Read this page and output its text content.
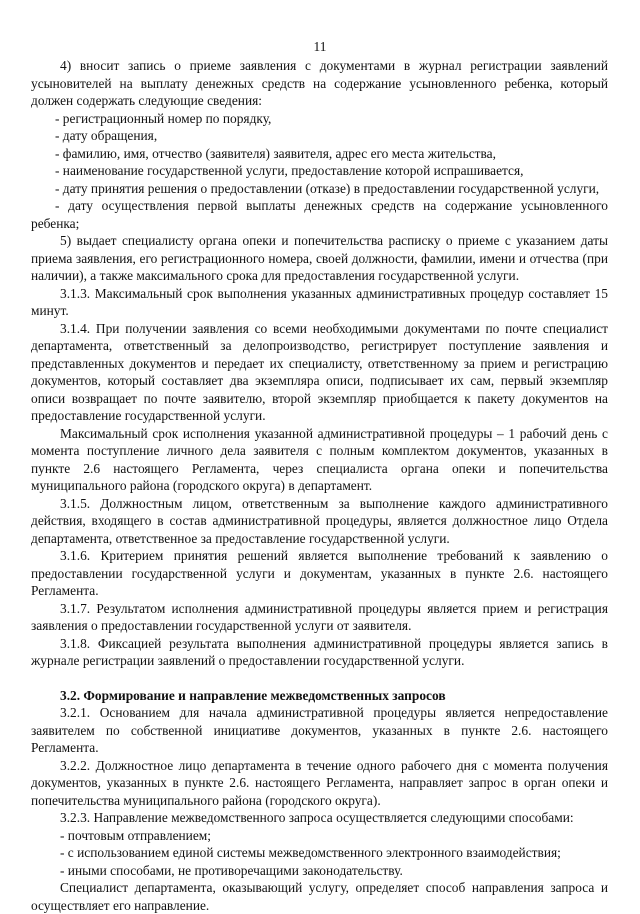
11

4) вносит запись о приеме заявления с документами в журнал регистрации заявлений усыновителей на выплату денежных средств на содержание усыновленного ребенка, который должен содержать следующие сведения:

- регистрационный номер по порядку,

- дату обращения,

- фамилию, имя, отчество (заявителя) заявителя, адрес его места жительства,

- наименование государственной услуги, предоставление которой испрашивается,

- дату принятия решения о предоставлении (отказе) в предоставлении государственной услуги,

- дату осуществления первой выплаты денежных средств на содержание усыновленного ребенка;

5) выдает специалисту органа опеки и попечительства расписку о приеме с указанием даты приема заявления, его регистрационного номера, своей должности, фамилии, имени и отчества (при наличии), а также максимального срока для предоставления государственной услуги.

3.1.3. Максимальный срок выполнения указанных административных процедур составляет 15 минут.

3.1.4. При получении заявления со всеми необходимыми документами по почте специалист департамента, ответственный за делопроизводство, регистрирует поступление заявления и представленных документов и передает их специалисту, ответственному за прием и регистрацию документов, который составляет два экземпляра описи, подписывает их сам, первый экземпляр описи возвращает по почте заявителю, второй экземпляр приобщается к пакету документов на предоставление государственной услуги.

Максимальный срок исполнения указанной административной процедуры – 1 рабочий день с момента поступление личного дела заявителя с полным комплектом документов, указанных в пункте 2.6 настоящего Регламента, через специалиста органа опеки и попечительства муниципального района (городского округа) в департамент.

3.1.5. Должностным лицом, ответственным за выполнение каждого административного действия, входящего в состав административной процедуры, является должностное лицо Отдела департамента, ответственное за предоставление государственной услуги.

3.1.6. Критерием принятия решений является выполнение требований к заявлению о предоставлении государственной услуги и документам, указанных в пункте 2.6. настоящего Регламента.

3.1.7. Результатом исполнения административной процедуры является прием и регистрация заявления о предоставлении государственной услуги от заявителя.

3.1.8. Фиксацией результата выполнения административной процедуры является запись в журнале регистрации заявлений о предоставлении государственной услуги.

3.2. Формирование и направление межведомственных запросов

3.2.1. Основанием для начала административной процедуры является непредоставление заявителем по собственной инициативе документов, указанных в пункте 2.6. настоящего Регламента.

3.2.2. Должностное лицо департамента в течение одного рабочего дня с момента получения документов, указанных в пункте 2.6. настоящего Регламента, направляет запрос в орган опеки и попечительства муниципального района (городского округа).

3.2.3. Направление межведомственного запроса осуществляется следующими способами:

- почтовым отправлением;

- с использованием единой системы межведомственного электронного взаимодействия;

- иными способами, не противоречащими законодательству.

Специалист департамента, оказывающий услугу, определяет способ направления запроса и осуществляет его направление.
